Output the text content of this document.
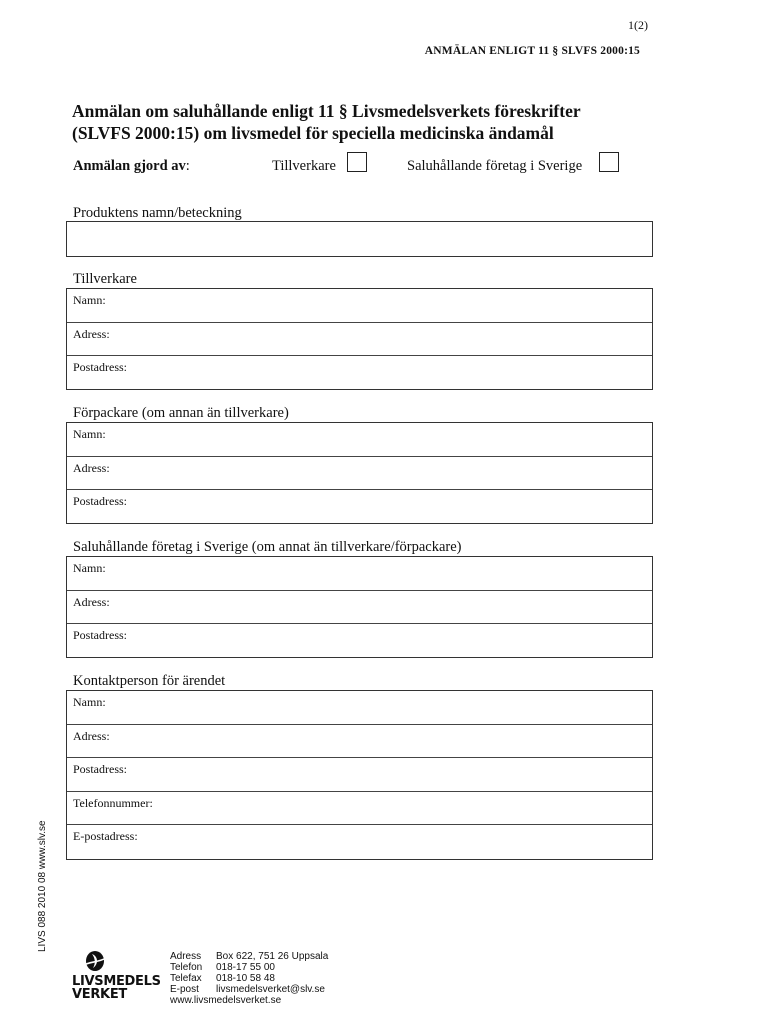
1(2)
ANMÄLAN ENLIGT 11 § SLVFS 2000:15
Anmälan om saluhållande enligt 11 § Livsmedelsverkets föreskrifter
(SLVFS 2000:15) om livsmedel för speciella medicinska ändamål
Anmälan gjord av:	Tillverkare	Saluhållande företag i Sverige
Produktens namn/beteckning
Tillverkare
Namn:
Adress:
Postadress:
Förpackare (om annan än tillverkare)
Namn:
Adress:
Postadress:
Saluhållande företag i Sverige (om annat än tillverkare/förpackare)
Namn:
Adress:
Postadress:
Kontaktperson för ärendet
Namn:
Adress:
Postadress:
Telefonnummer:
E-postadress:
LIVS 088 2010 08 www.slv.se
LIVSMEDELS
VERKET
Adress	Box 622, 751 26 Uppsala
Telefon	018-17 55 00
Telefax	018-10 58 48
E-post	livsmedelsverket@slv.se
www.livsmedelsverket.se
